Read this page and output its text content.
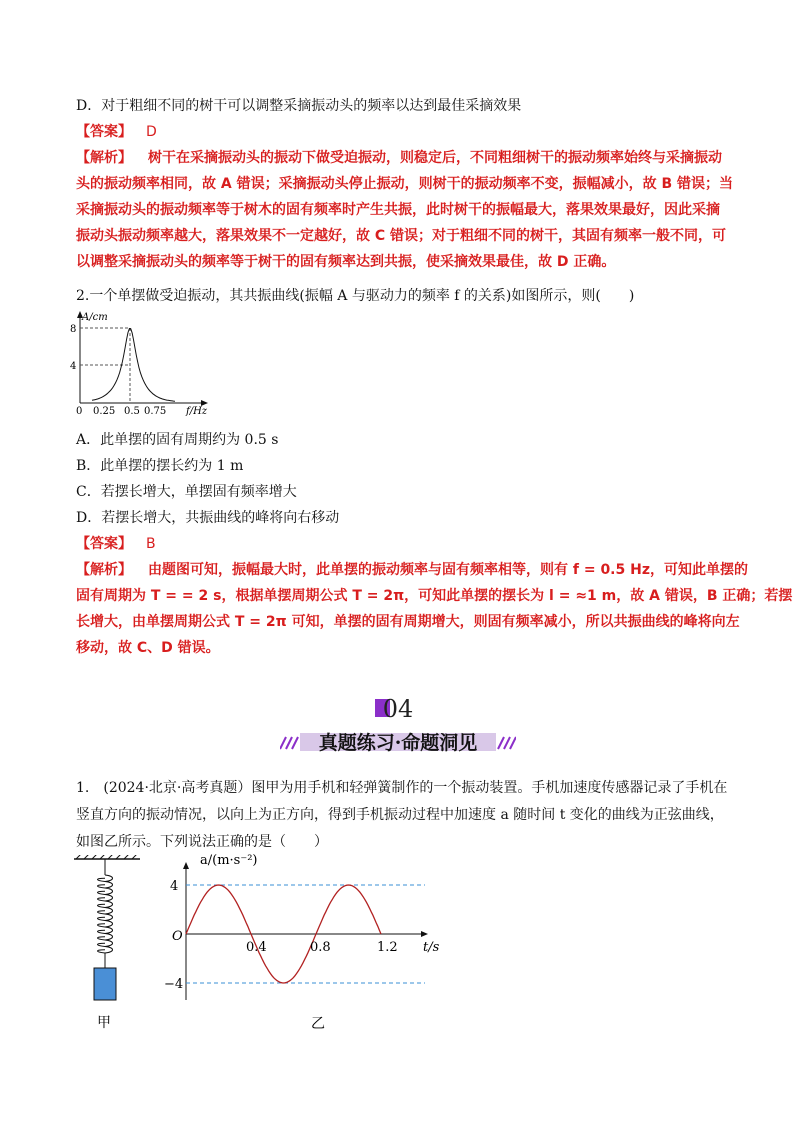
D．对于粗细不同的树干可以调整采摘振动头的频率以达到最佳采摘效果
【答案】 D
【解析】 树干在采摘振动头的振动下做受迫振动，则稳定后，不同粗细树干的振动频率始终与采摘振动
头的振动频率相同，故 A 错误；采摘振动头停止振动，则树干的振动频率不变，振幅减小，故 B 错误；当
采摘振动头的振动频率等于树木的固有频率时产生共振，此时树干的振幅最大，落果效果最好，因此采摘
振动头振动频率越大，落果效果不一定越好，故 C 错误；对于粗细不同的树干，其固有频率一般不同，可
以调整采摘振动头的频率等于树干的固有频率达到共振，使采摘效果最佳，故 D 正确。
2.一个单摆做受迫振动，其共振曲线(振幅 A 与驱动力的频率 f 的关系)如图所示，则(　　)
A/cm
8
4
0 0.25 0.5 0.75 f/Hz
A．此单摆的固有周期约为 0.5 s
B．此单摆的摆长约为 1 m
C．若摆长增大，单摆固有频率增大
D．若摆长增大，共振曲线的峰将向右移动
【答案】 B
【解析】 由题图可知，振幅最大时，此单摆的振动频率与固有频率相等，则有 f = 0.5 Hz，可知此单摆的
固有周期为 T = = 2 s，根据单摆周期公式 T = 2π，可知此单摆的摆长为 l = ≈1 m，故 A 错误，B 正确；若摆
长增大，由单摆周期公式 T = 2π 可知，单摆的固有周期增大，则固有频率减小，所以共振曲线的峰将向左
移动，故 C、D 错误。
04
真题练习·命题洞见
1.　(2024·北京·高考真题）图甲为用手机和轻弹簧制作的一个振动装置。手机加速度传感器记录了手机在
竖直方向的振动情况，以向上为正方向，得到手机振动过程中加速度 a 随时间 t 变化的曲线为正弦曲线，
如图乙所示。下列说法正确的是（　　）
甲
a/(m·s⁻²)
4
−4
O
0.4	0.8	1.2 t/s
乙
